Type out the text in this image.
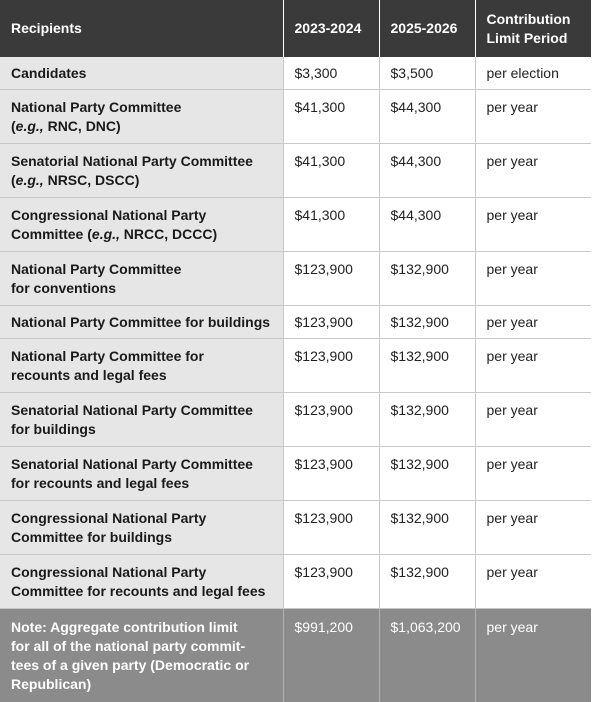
Recipients	2023-2024	2025-2026	Contribution
Limit Period

Candidates	$3,300	$3,500	per election

National Party Committee
(e.g., RNC, DNC)	$41,300	$44,300	per year

Senatorial National Party Committee
(e.g., NRSC, DSCC)	$41,300	$44,300	per year

Congressional National Party
Committee (e.g., NRCC, DCCC)	$41,300	$44,300	per year

National Party Committee
for conventions	$123,900	$132,900	per year
National Party Committee for buildings	$123,900	$132,900	per year

National Party Committee for
recounts and legal fees	$123,900	$132,900	per year

Senatorial National Party Committee
for buildings	$123,900	$132,900	per year

Senatorial National Party Committee
for recounts and legal fees	$123,900	$132,900	per year

Congressional National Party
Committee for buildings	$123,900	$132,900	per year

Congressional National Party
Committee for recounts and legal fees	$123,900	$132,900	per year

Note: Aggregate contribution limit
for all of the national party commit-
tees of a given party (Democratic or
Republican)	$991,200	$1,063,200	per year
